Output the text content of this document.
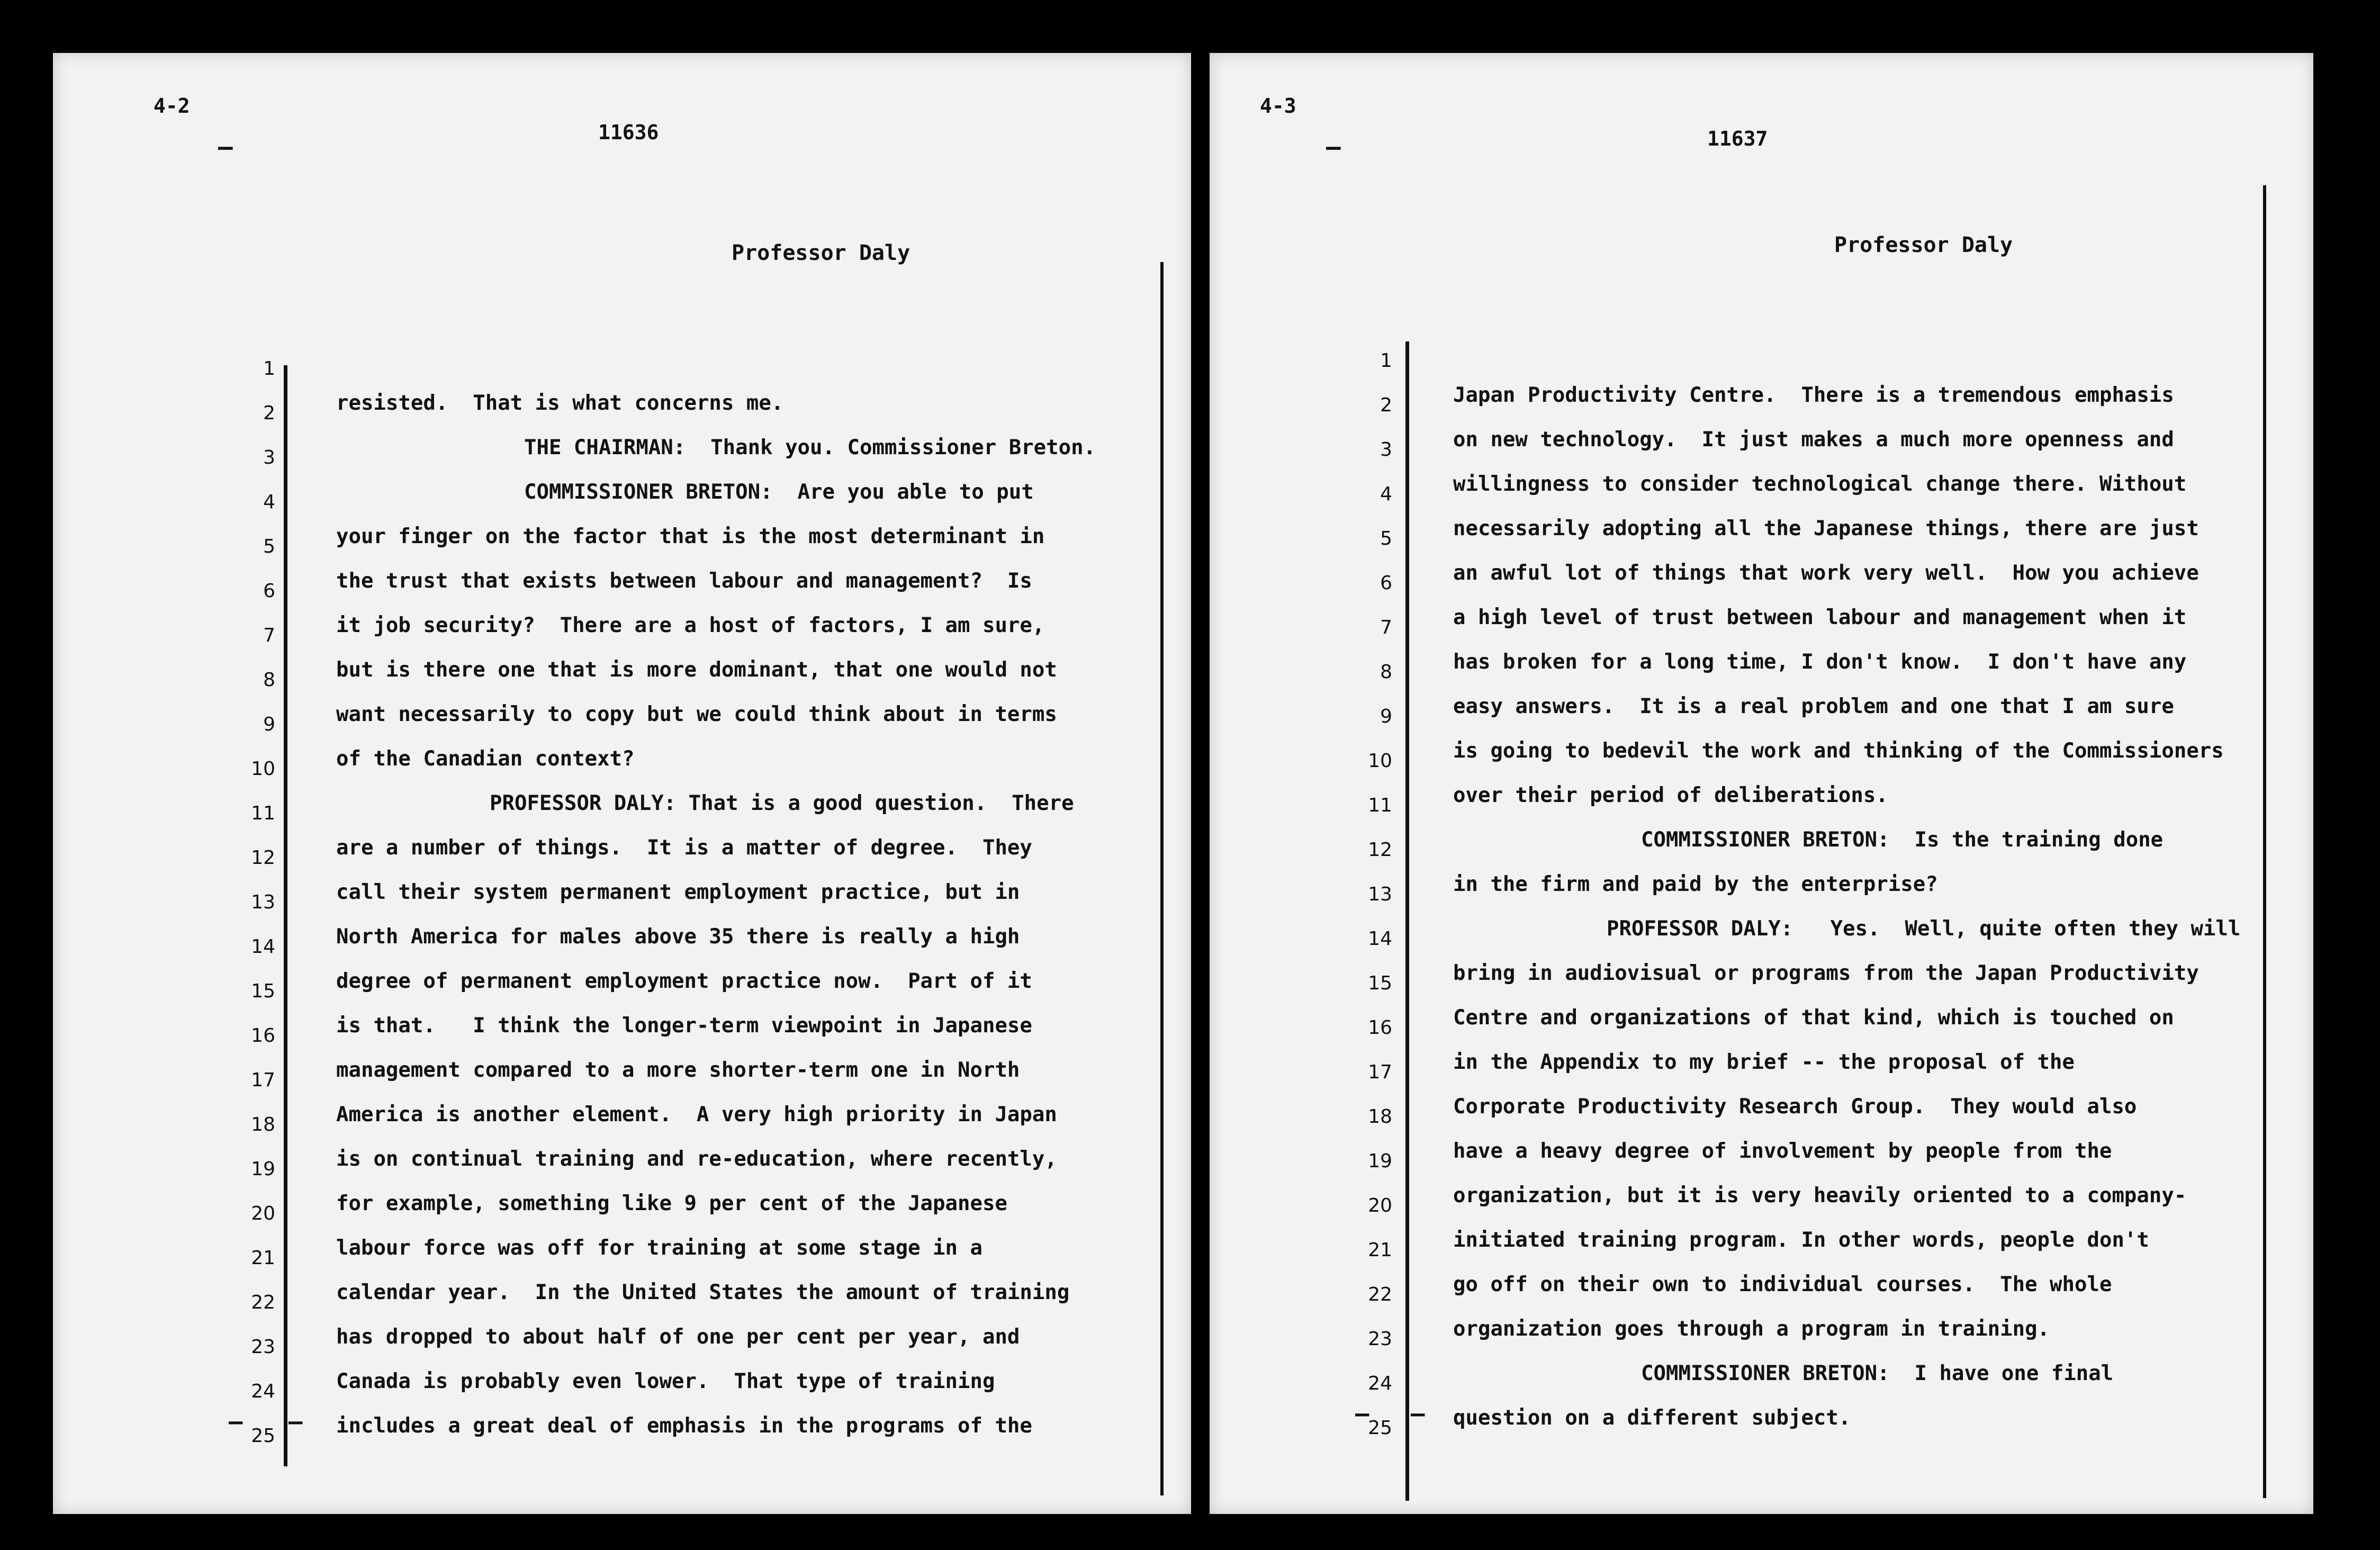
4-2
–	11636
Professor Daly
1
2
3
4
5
6
7
8
9
10
11
12
13
14
15
16
17
18
19
20
21
22
23
24
25
— –
resisted.  That is what concerns me.
THE CHAIRMAN:  Thank you. Commissioner Breton.
COMMISSIONER BRETON:  Are you able to put
your finger on the factor that is the most determinant in
the trust that exists between labour and management?  Is
it job security?  There are a host of factors, I am sure,
but is there one that is more dominant, that one would not
want necessarily to copy but we could think about in terms
of the Canadian context?
PROFESSOR DALY: That is a good question.  There
are a number of things.  It is a matter of degree.  They
call their system permanent employment practice, but in
North America for males above 35 there is really a high
degree of permanent employment practice now.  Part of it
is that.   I think the longer-term viewpoint in Japanese
management compared to a more shorter-term one in North
America is another element.  A very high priority in Japan
is on continual training and re-education, where recently,
for example, something like 9 per cent of the Japanese
labour force was off for training at some stage in a
calendar year.  In the United States the amount of training
has dropped to about half of one per cent per year, and
Canada is probably even lower.  That type of training
includes a great deal of emphasis in the programs of the
4-3
–	11637
Professor Daly
1
2
3
4
5
6
7
8
9
10
11
12
13
14
15
16
17
18
19
20
21
22
23
24
25
— –
Japan Productivity Centre.  There is a tremendous emphasis
on new technology.  It just makes a much more openness and
willingness to consider technological change there. Without
necessarily adopting all the Japanese things, there are just
an awful lot of things that work very well.  How you achieve
a high level of trust between labour and management when it
has broken for a long time, I don't know.  I don't have any
easy answers.  It is a real problem and one that I am sure
is going to bedevil the work and thinking of the Commissioners
over their period of deliberations.
COMMISSIONER BRETON:  Is the training done
in the firm and paid by the enterprise?
PROFESSOR DALY:   Yes.  Well, quite often they will
bring in audiovisual or programs from the Japan Productivity
Centre and organizations of that kind, which is touched on
in the Appendix to my brief -- the proposal of the
Corporate Productivity Research Group.  They would also
have a heavy degree of involvement by people from the
organization, but it is very heavily oriented to a company-
initiated training program. In other words, people don't
go off on their own to individual courses.  The whole
organization goes through a program in training.
COMMISSIONER BRETON:  I have one final
question on a different subject.
